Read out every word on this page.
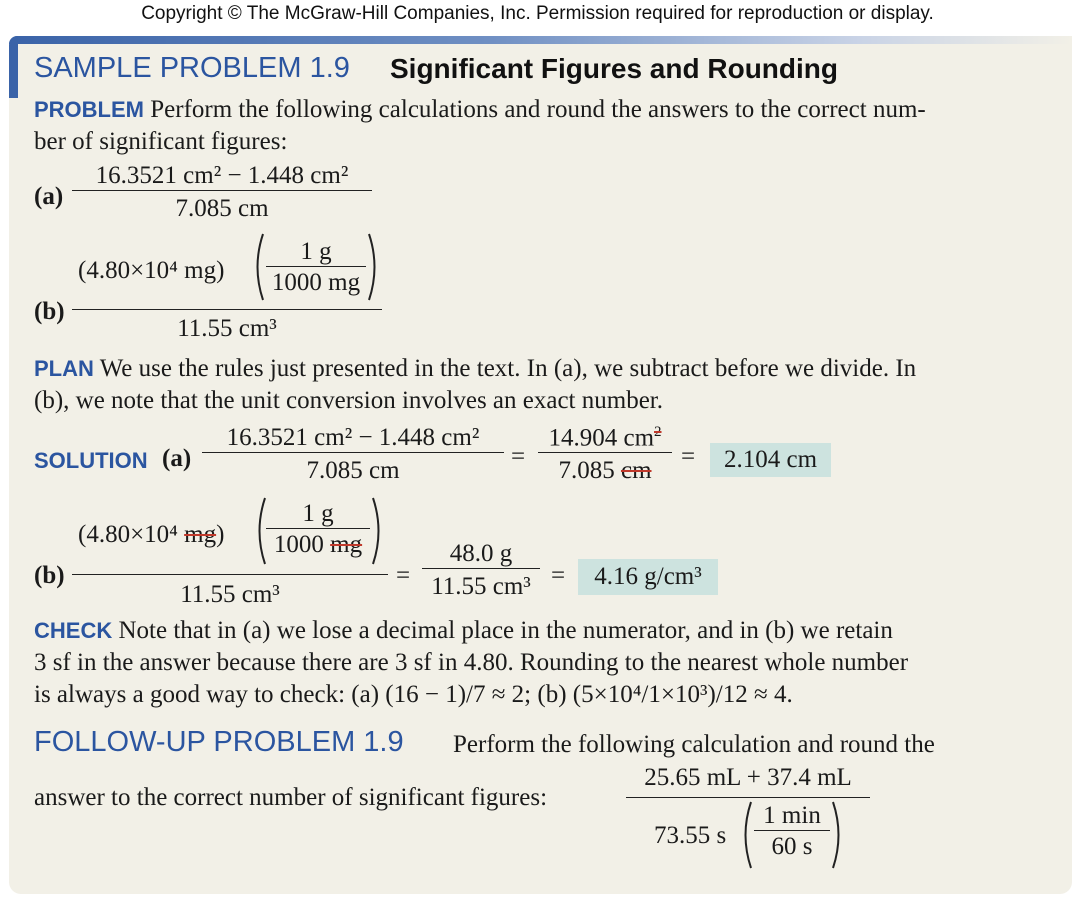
Copyright © The McGraw-Hill Companies, Inc. Permission required for reproduction or display.
SAMPLE PROBLEM 1.9 Significant Figures and Rounding
PROBLEM Perform the following calculations and round the answers to the correct num-
ber of significant figures:
$(a) \frac{\text{16.3521 cm² − 1.448 cm²}}{7.085 cm}$
(b)
(4.80×10⁴ $mg) \frac{1 g}{1000 mg}$
11.55 cm³
PLAN We use the rules just presented in the text. In (a), we subtract before we divide. In
(b), we note that the unit conversion involves an exact number.
SOLUTION $(a) \frac{\text{16.3521 cm² − 1.448 cm²}}{7.085 cm} = \frac{14.904 cm^2}{7.085 cm}$ =	2.104 cm
(b)
(4.80×10⁴ $mg) \frac{1 g}{1000 mg}$
11.55 cm³
= $\frac{48.0 g}{\text{11.55 cm³}}$ =	4.16 g/cm³
CHECK Note that in (a) we lose a decimal place in the numerator, and in (b) we retain
3 sf in the answer because there are 3 sf in 4.80. Rounding to the nearest whole number
is always a good way to check: (a) (16 − 1)/7 ≈ 2; (b) (5×10⁴/1×10³)/12 ≈ 4.
FOLLOW-UP PROBLEM 1.9 Perform the following calculation and round the
answer to the correct number of significant figures:
25.65 mL + 37.4 mL
73.55 s
1 min
60 s
